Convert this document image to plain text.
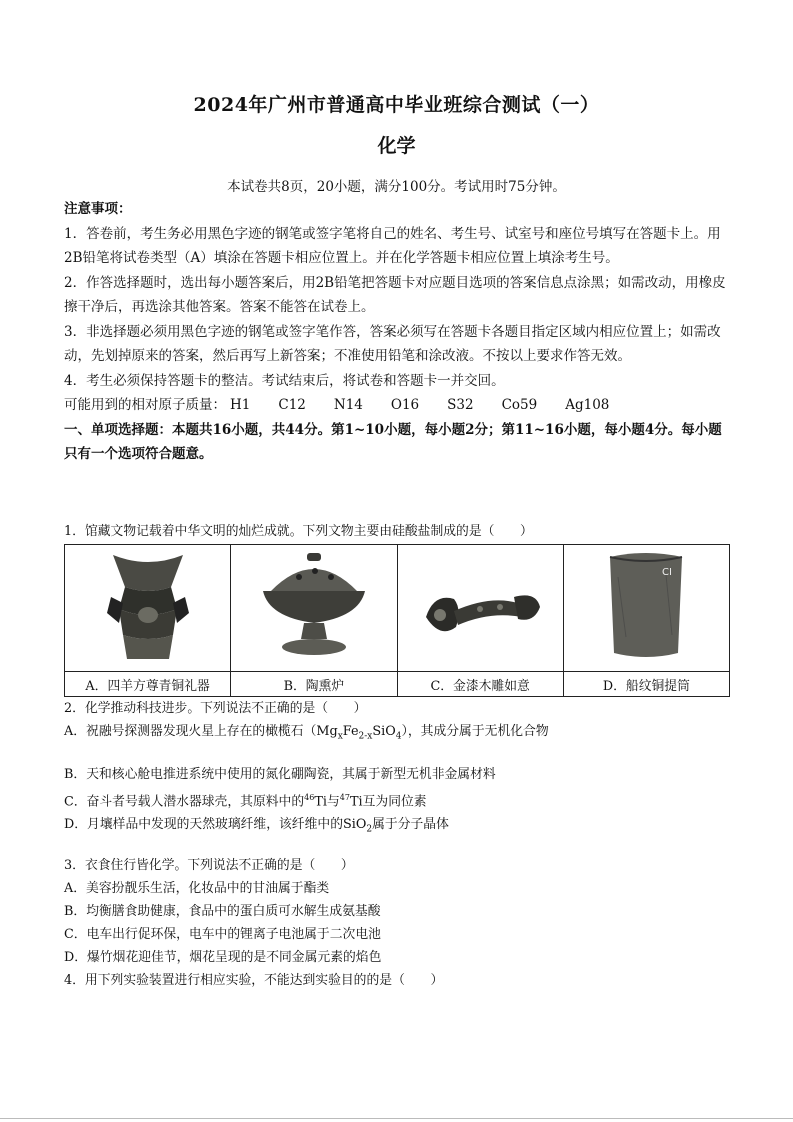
2024年广州市普通高中毕业班综合测试（一）
化学
本试卷共8页，20小题，满分100分。考试用时75分钟。
注意事项：
1．答卷前，考生务必用黑色字迹的钢笔或签字笔将自己的姓名、考生号、试室号和座位号填写在答题卡上。用2B铅笔将试卷类型（A）填涂在答题卡相应位置上。并在化学答题卡相应位置上填涂考生号。
2．作答选择题时，选出每小题答案后，用2B铅笔把答题卡对应题目选项的答案信息点涂黑；如需改动，用橡皮擦干净后，再选涂其他答案。答案不能答在试卷上。
3．非选择题必须用黑色字迹的钢笔或签字笔作答，答案必须写在答题卡各题目指定区域内相应位置上；如需改动，先划掉原来的答案，然后再写上新答案；不准使用铅笔和涂改液。不按以上要求作答无效。
4．考生必须保持答题卡的整洁。考试结束后，将试卷和答题卡一并交回。
可能用到的相对原子质量： H1 C12 N14 O16 S32 Co59 Ag108
一、单项选择题：本题共16小题，共44分。第1~10小题，每小题2分；第11~16小题，每小题4分。每小题只有一个选项符合题意。
1．馆藏文物记载着中华文明的灿烂成就。下列文物主要由硅酸盐制成的是（　　）

CI

A．四羊方尊青铜礼器	B．陶熏炉	C．金漆木雕如意	D．船纹铜提筒
2．化学推动科技进步。下列说法不正确的是（　　）
A．祝融号探测器发现火星上存在的橄榄石$(Mg_xFe_{2-x}SiO_4)$，其成分属于无机化合物
B．天和核心舱电推进系统中使用的氮化硼陶瓷，其属于新型无机非金属材料
C．奋斗者号载人潜水器球壳，其原料中的$^{46}$Ti与$^{47}$Ti互为同位素
D．月壤样品中发现的天然玻璃纤维，该纤维中的SiO$_2$属于分子晶体
3．衣食住行皆化学。下列说法不正确的是（　　）
A．美容扮靓乐生活，化妆品中的甘油属于酯类
B．均衡膳食助健康，食品中的蛋白质可水解生成氨基酸
C．电车出行促环保，电车中的锂离子电池属于二次电池
D．爆竹烟花迎佳节，烟花呈现的是不同金属元素的焰色
4．用下列实验装置进行相应实验，不能达到实验目的的是（　　）
